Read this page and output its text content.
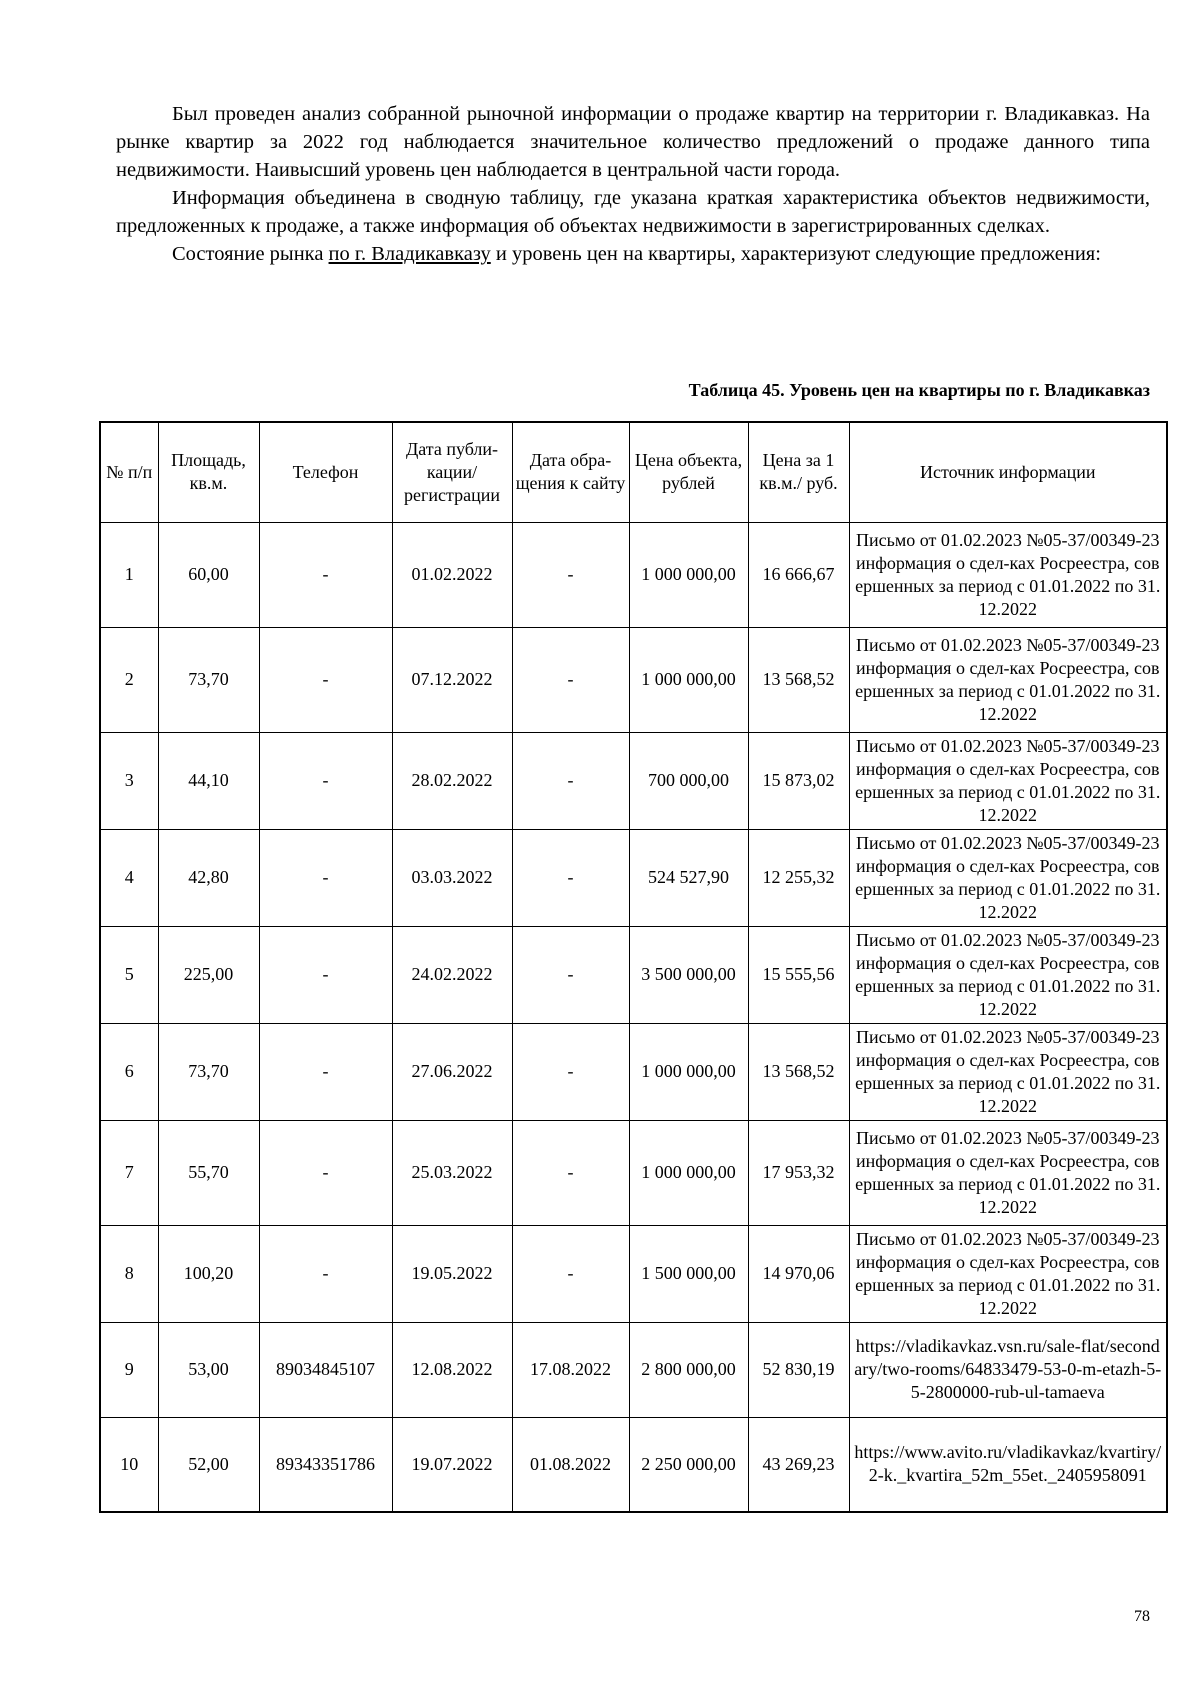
Был проведен анализ собранной рыночной информации о продаже квартир на территории г. Владикавказ. На рынке квартир за 2022 год наблюдается значительное количество предложений о продаже данного типа недвижимости. Наивысший уровень цен наблюдается в центральной части города.

Информация объединена в сводную таблицу, где указана краткая характеристика объектов недвижимости, предложенных к продаже, а также информация об объектах недвижимости в зарегистрированных сделках.

Состояние рынка по г. Владикавказу и уровень цен на квартиры, характеризуют следующие предложения:

Таблица 45. Уровень цен на квартиры по г. Владикавказ
№ п/п	Площадь, кв.м.	Телефон	Дата публи-кации/ регистрации	Дата обра-щения к сайту	Цена объекта, рублей	Цена за 1 кв.м./ руб.	Источник информации
1	60,00	-	01.02.2022	-	1 000 000,00	16 666,67	Письмо от 01.02.2023 №05-37/00349-23 информация о сдел-ках Росреестра, совершенных за период с 01.01.2022 по 31.12.2022
2	73,70	-	07.12.2022	-	1 000 000,00	13 568,52	Письмо от 01.02.2023 №05-37/00349-23 информация о сдел-ках Росреестра, совершенных за период с 01.01.2022 по 31.12.2022
3	44,10	-	28.02.2022	-	700 000,00	15 873,02	Письмо от 01.02.2023 №05-37/00349-23 информация о сдел-ках Росреестра, совершенных за период с 01.01.2022 по 31.12.2022
4	42,80	-	03.03.2022	-	524 527,90	12 255,32	Письмо от 01.02.2023 №05-37/00349-23 информация о сдел-ках Росреестра, совершенных за период с 01.01.2022 по 31.12.2022
5	225,00	-	24.02.2022	-	3 500 000,00	15 555,56	Письмо от 01.02.2023 №05-37/00349-23 информация о сдел-ках Росреестра, совершенных за период с 01.01.2022 по 31.12.2022
6	73,70	-	27.06.2022	-	1 000 000,00	13 568,52	Письмо от 01.02.2023 №05-37/00349-23 информация о сдел-ках Росреестра, совершенных за период с 01.01.2022 по 31.12.2022
7	55,70	-	25.03.2022	-	1 000 000,00	17 953,32	Письмо от 01.02.2023 №05-37/00349-23 информация о сдел-ках Росреестра, совершенных за период с 01.01.2022 по 31.12.2022
8	100,20	-	19.05.2022	-	1 500 000,00	14 970,06	Письмо от 01.02.2023 №05-37/00349-23 информация о сдел-ках Росреестра, совершенных за период с 01.01.2022 по 31.12.2022
9	53,00	89034845107	12.08.2022	17.08.2022	2 800 000,00	52 830,19	https://vladikavkaz.vsn.ru/sale-flat/secondary/two-rooms/64833479-53-0-m-etazh-5-5-2800000-rub-ul-tamaeva
10	52,00	89343351786	19.07.2022	01.08.2022	2 250 000,00	43 269,23	https://www.avito.ru/vladikavkaz/kvartiry/2-k._kvartira_52m_55et._2405958091
78
